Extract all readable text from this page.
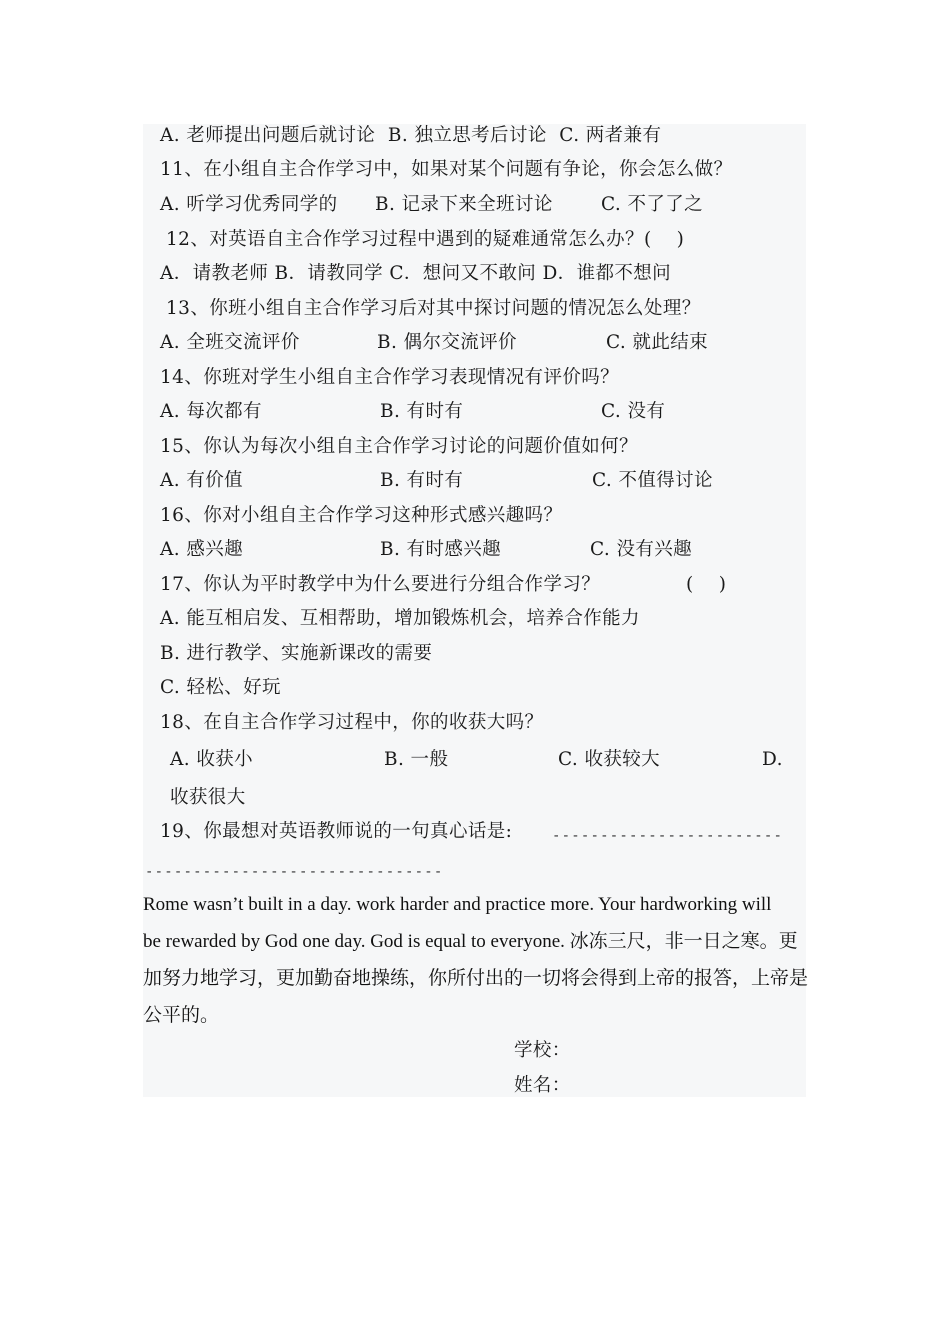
A. 老师提出问题后就讨论  B. 独立思考后讨论  C. 两者兼有
11、在小组自主合作学习中，如果对某个问题有争论，你会怎么做？
A. 听学习优秀同学的 B. 记录下来全班讨论	C. 不了了之
12、对英语自主合作学习过程中遇到的疑难通常怎么办？(    )
A．请教老师 B．请教同学 C．想问又不敢问 D．谁都不想问
13、你班小组自主合作学习后对其中探讨问题的情况怎么处理？
A. 全班交流评价	B. 偶尔交流评价	C. 就此结束
14、你班对学生小组自主合作学习表现情况有评价吗？
A. 每次都有	B. 有时有	C. 没有
15、你认为每次小组自主合作学习讨论的问题价值如何？
A. 有价值	B. 有时有	C. 不值得讨论
16、你对小组自主合作学习这种形式感兴趣吗？
A. 感兴趣	B. 有时感兴趣	C. 没有兴趣
17、你认为平时教学中为什么要进行分组合作学习？	(    )
A. 能互相启发、互相帮助，增加锻炼机会，培养合作能力
B. 进行教学、实施新课改的需要
C. 轻松、好玩
18、在自主合作学习过程中，你的收获大吗？
A. 收获小	B. 一般	C. 收获较大	D.
收获很大
19、你最想对英语教师说的一句真心话是:	------------------------
-------------------------------
Rome wasn’t built in a day. work harder and practice more. Your hardworking will
be rewarded by God one day. God is equal to everyone. 冰冻三尺，非一日之寒。更
加努力地学习，更加勤奋地操练，你所付出的一切将会得到上帝的报答，上帝是
公平的。
学校：
姓名：
